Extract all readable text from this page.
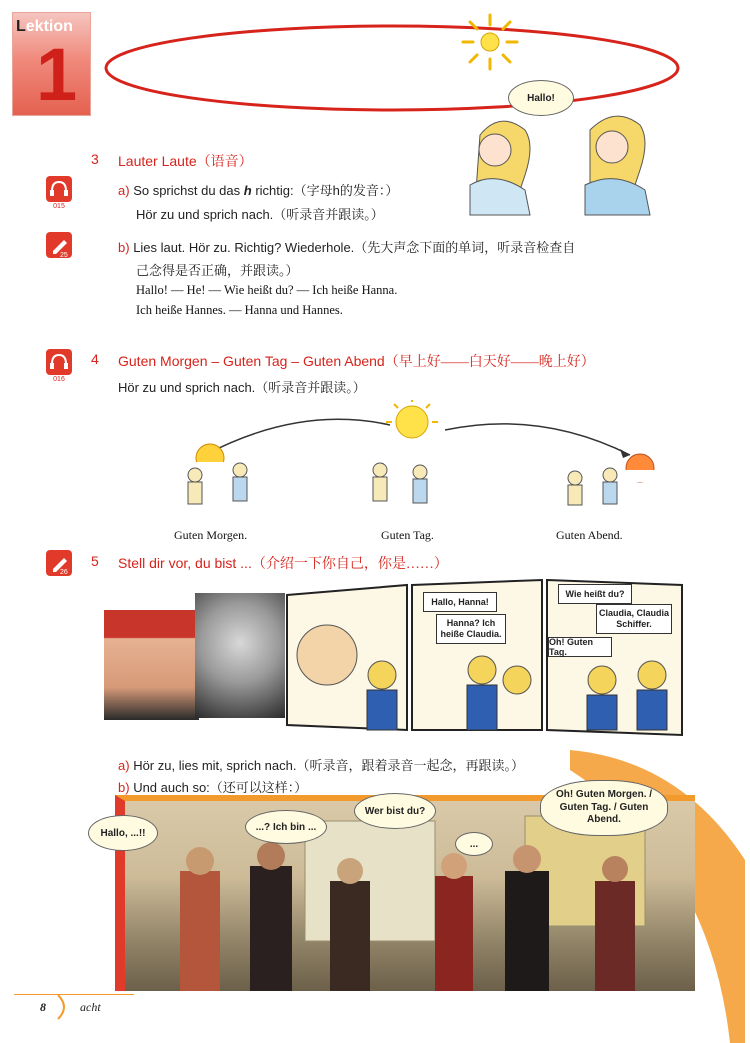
Lektion
1	Hallo!
3 Lauter Laute（语音）
015
a) So sprichst du das h richtig:（字母h的发音：）
Hör zu und sprich nach.（听录音并跟读。）
25
b) Lies laut. Hör zu. Richtig? Wiederhole.（先大声念下面的单词，听录音检查自
己念得是否正确，并跟读。）
Hallo! — He! — Wie heißt du? — Ich heiße Hanna.
Ich heiße Hannes. — Hanna und Hannes.
016
4 Guten Morgen – Guten Tag – Guten Abend（早上好——白天好——晚上好）
Hör zu und sprich nach.（听录音并跟读。）
Guten Morgen.	Guten Tag.	Guten Abend.
26
5 Stell dir vor, du bist ...（介绍一下你自己，你是……）
Hallo, Hanna!
Hanna? Ich heiße Claudia.
Wie heißt du?
Claudia, Claudia Schiffer.
Oh! Guten Tag.
a) Hör zu, lies mit, sprich nach.（听录音，跟着录音一起念，再跟读。）
b) Und auch so:（还可以这样：）
Hallo, ...!!
...? Ich bin ...
Wer bist du?
...
Oh! Guten Morgen. / Guten Tag. / Guten Abend.
8	acht
